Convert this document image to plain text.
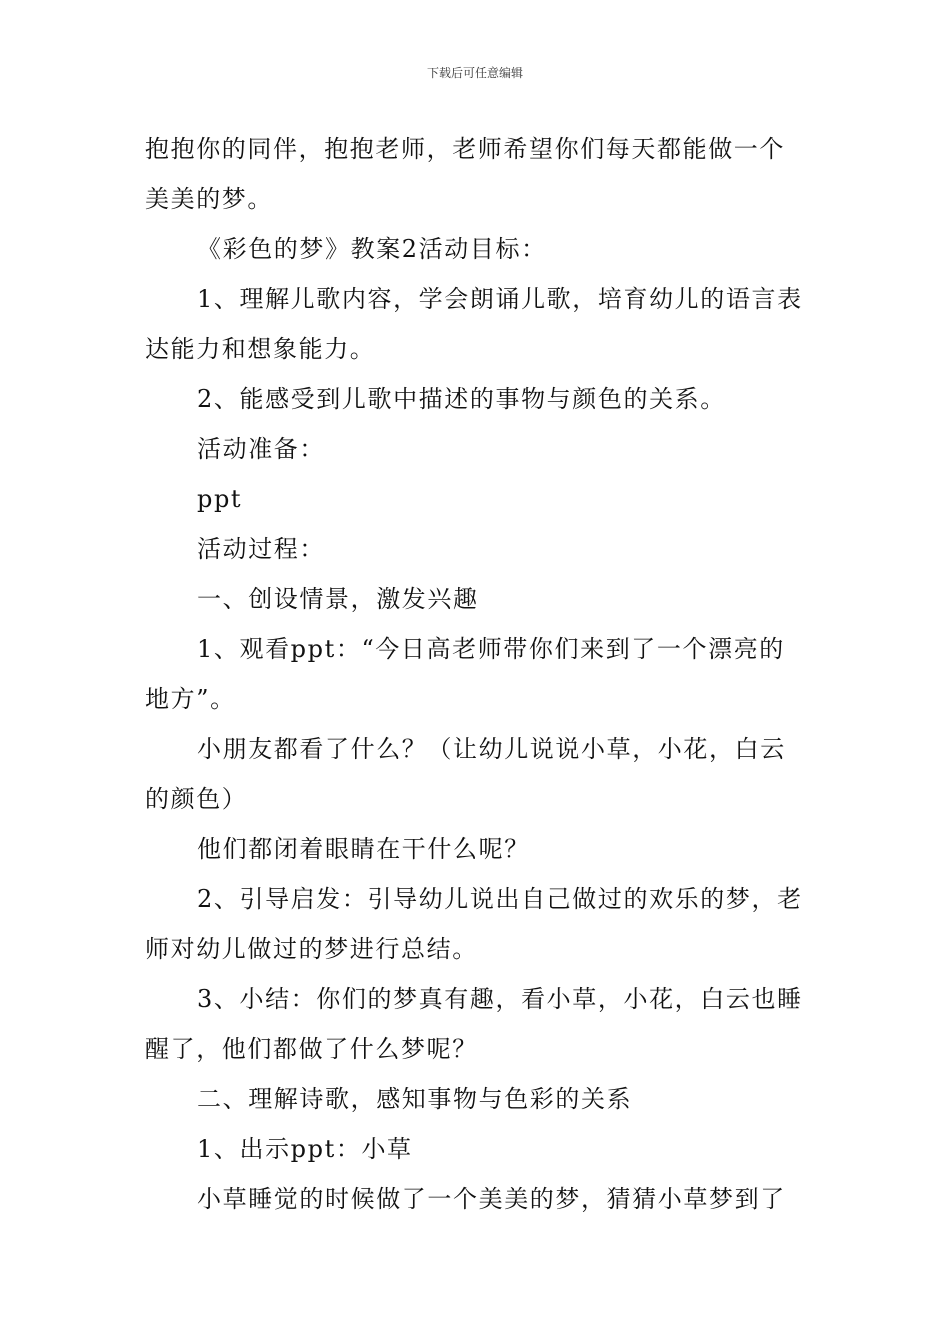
下载后可任意编辑

抱抱你的同伴，抱抱老师，老师希望你们每天都能做一个美美的梦。

《彩色的梦》教案2活动目标：

1、理解儿歌内容，学会朗诵儿歌，培育幼儿的语言表达能力和想象能力。

2、能感受到儿歌中描述的事物与颜色的关系。

活动准备：

ppt

活动过程：

一、创设情景，激发兴趣

1、观看ppt：“今日高老师带你们来到了一个漂亮的地方”。

小朋友都看了什么？（让幼儿说说小草，小花，白云的颜色）

他们都闭着眼睛在干什么呢？

2、引导启发：引导幼儿说出自己做过的欢乐的梦，老师对幼儿做过的梦进行总结。

3、小结：你们的梦真有趣，看小草，小花，白云也睡醒了，他们都做了什么梦呢？

二、理解诗歌，感知事物与色彩的关系

1、出示ppt：小草

小草睡觉的时候做了一个美美的梦，猜猜小草梦到了
